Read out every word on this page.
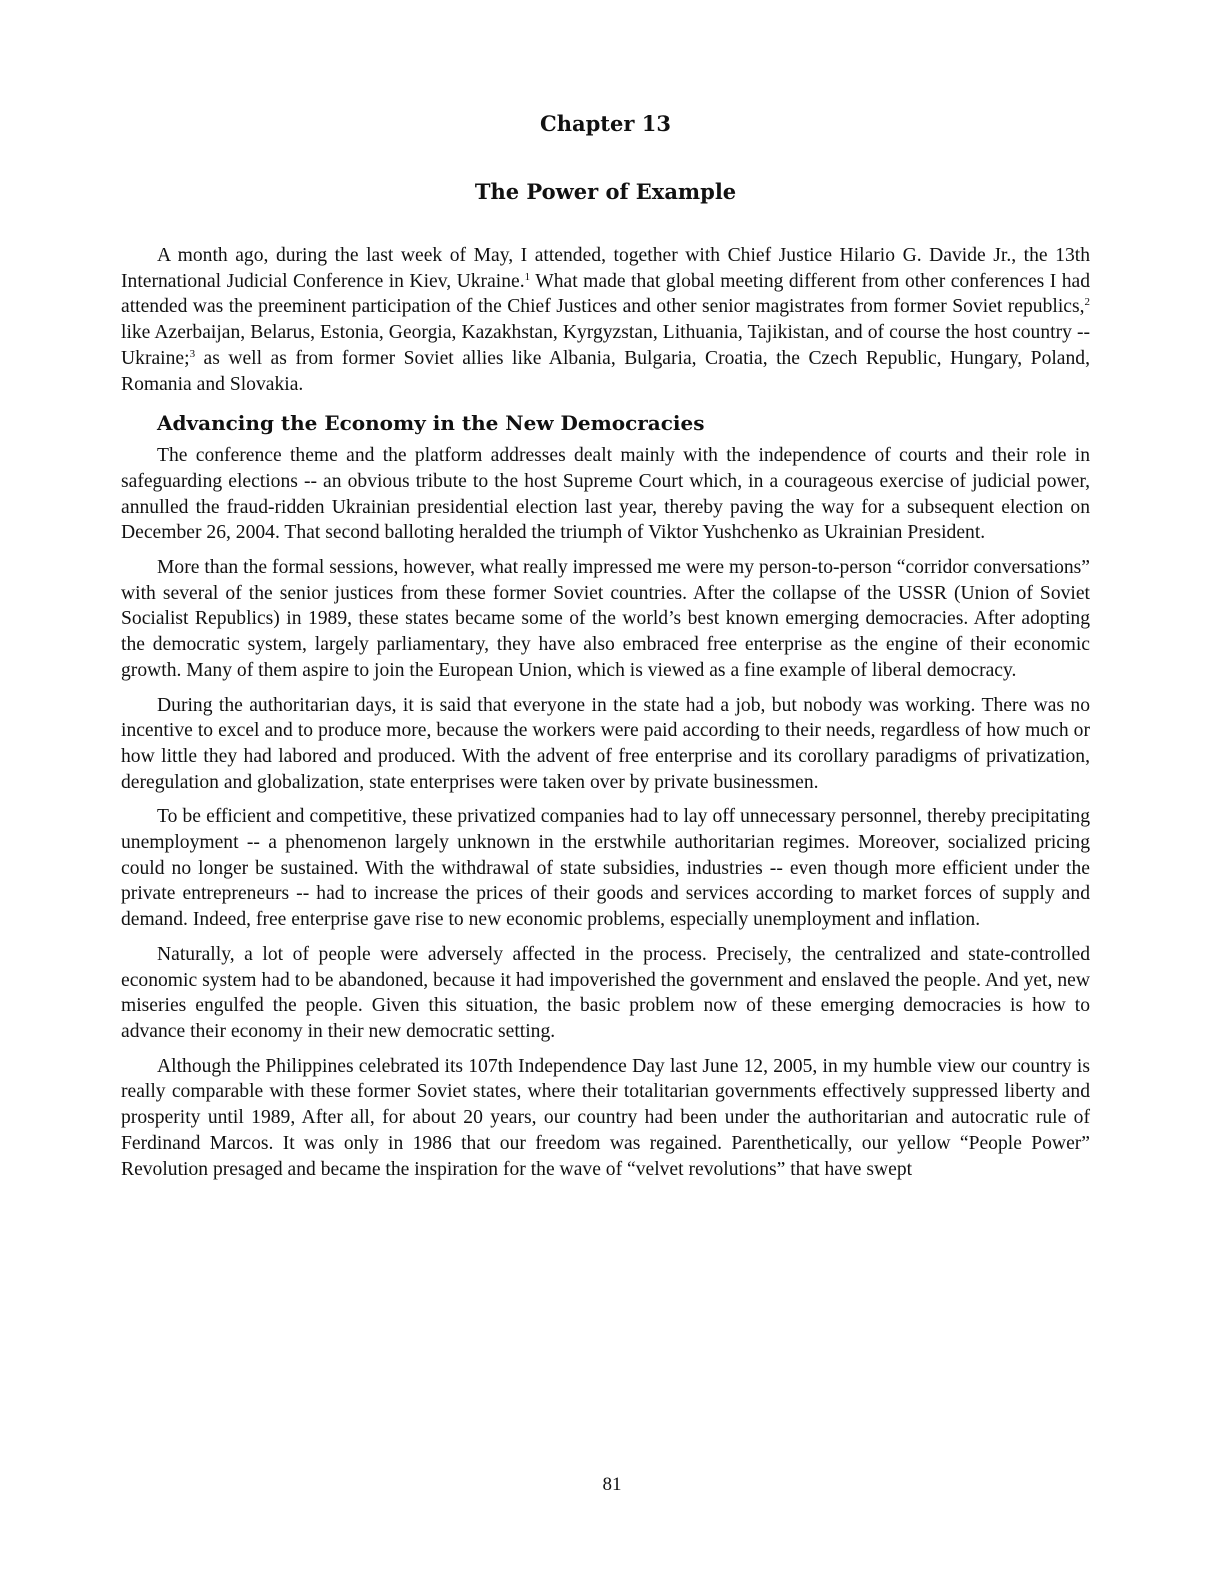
Chapter 13
The Power of Example

A month ago, during the last week of May, I attended, together with Chief Justice Hilario G. Davide Jr., the 13th International Judicial Conference in Kiev, Ukraine.$^1$ What made that global meeting different from other conferences I had attended was the preeminent participation of the Chief Justices and other senior magistrates from former Soviet republics,$^2$ like Azerbaijan, Belarus, Estonia, Georgia, Kazakhstan, Kyrgyzstan, Lithuania, Tajikistan, and of course the host country -- Ukraine;$^3$ as well as from former Soviet allies like Albania, Bulgaria, Croatia, the Czech Republic, Hungary, Poland, Romania and Slovakia.

Advancing the Economy in the New Democracies

The conference theme and the platform addresses dealt mainly with the independence of courts and their role in safeguarding elections -- an obvious tribute to the host Supreme Court which, in a courageous exercise of judicial power, annulled the fraud-ridden Ukrainian presidential election last year, thereby paving the way for a subsequent election on December 26, 2004. That second balloting heralded the triumph of Viktor Yushchenko as Ukrainian President.

More than the formal sessions, however, what really impressed me were my person-to-person “corridor conversations” with several of the senior justices from these former Soviet countries. After the collapse of the USSR (Union of Soviet Socialist Republics) in 1989, these states became some of the world’s best known emerging democracies. After adopting the democratic system, largely parliamentary, they have also embraced free enterprise as the engine of their economic growth. Many of them aspire to join the European Union, which is viewed as a fine example of liberal democracy.

During the authoritarian days, it is said that everyone in the state had a job, but nobody was working. There was no incentive to excel and to produce more, because the workers were paid according to their needs, regardless of how much or how little they had labored and produced. With the advent of free enterprise and its corollary paradigms of privatization, deregulation and globalization, state enterprises were taken over by private businessmen.

To be efficient and competitive, these privatized companies had to lay off unnecessary personnel, thereby precipitating unemployment -- a phenomenon largely unknown in the erstwhile authoritarian regimes. Moreover, socialized pricing could no longer be sustained. With the withdrawal of state subsidies, industries -- even though more efficient under the private entrepreneurs -- had to increase the prices of their goods and services according to market forces of supply and demand. Indeed, free enterprise gave rise to new economic problems, especially unemployment and inflation.

Naturally, a lot of people were adversely affected in the process. Precisely, the centralized and state-controlled economic system had to be abandoned, because it had impoverished the government and enslaved the people. And yet, new miseries engulfed the people. Given this situation, the basic problem now of these emerging democracies is how to advance their economy in their new democratic setting.

Although the Philippines celebrated its 107th Independence Day last June 12, 2005, in my humble view our country is really comparable with these former Soviet states, where their totalitarian governments effectively suppressed liberty and prosperity until 1989, After all, for about 20 years, our country had been under the authoritarian and autocratic rule of Ferdinand Marcos. It was only in 1986 that our freedom was regained. Parenthetically, our yellow “People Power” Revolution presaged and became the inspiration for the wave of “velvet revolutions” that have swept

81
